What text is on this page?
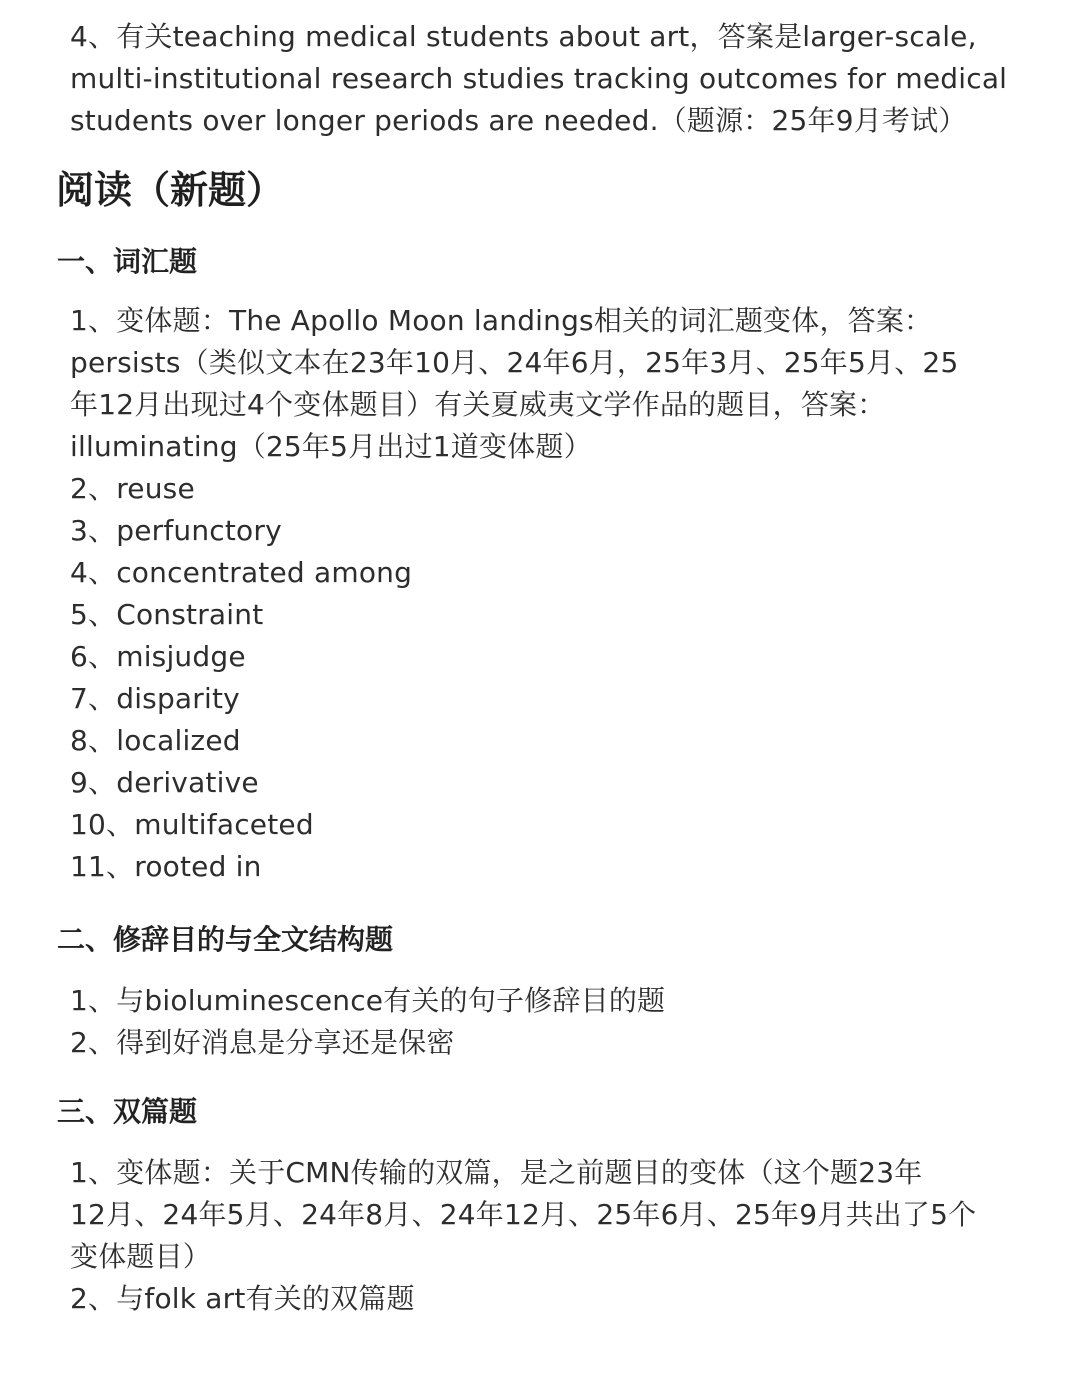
4、有关teaching medical students about art，答案是larger-scale,
multi-institutional research studies tracking outcomes for medical
students over longer periods are needed.（题源：25年9月考试）
阅读（新题）
一、词汇题
1、变体题：The Apollo Moon landings相关的词汇题变体，答案：
persists（类似文本在23年10月、24年6月，25年3月、25年5月、25
年12月出现过4个变体题目）有关夏威夷文学作品的题目，答案：
illuminating（25年5月出过1道变体题）
2、reuse
3、perfunctory
4、concentrated among
5、Constraint
6、misjudge
7、disparity
8、localized
9、derivative
10、multifaceted
11、rooted in
二、修辞目的与全文结构题
1、与bioluminescence有关的句子修辞目的题
2、得到好消息是分享还是保密
三、双篇题
1、变体题：关于CMN传输的双篇，是之前题目的变体（这个题23年
12月、24年5月、24年8月、24年12月、25年6月、25年9月共出了5个
变体题目）
2、与folk art有关的双篇题
